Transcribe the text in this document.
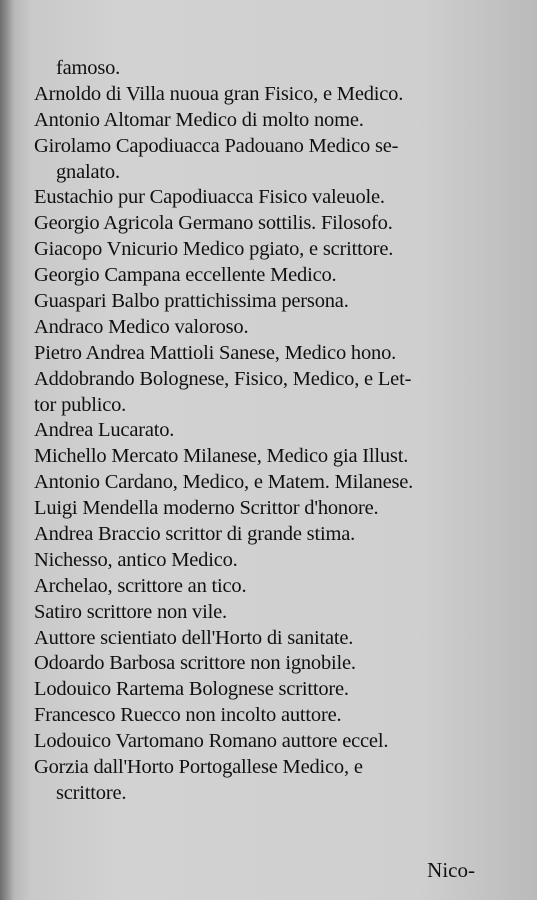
famoso.
Arnoldo di Villa nuoua gran Fisico, e Medico.
Antonio Altomar Medico di molto nome.
Girolamo Capodiuacca Padouano Medico se-
gnalato.
Eustachio pur Capodiuacca Fisico valeuole.
Georgio Agricola Germano sottilis. Filosofo.
Giacopo Vnicurio Medico pgiato, e scrittore.
Georgio Campana eccellente Medico.
Guaspari Balbo prattichissima persona.
Andraco Medico valoroso.
Pietro Andrea Mattioli Sanese, Medico hono.
Addobrando Bolognese, Fisico, Medico, e Let-
tor publico.
Andrea Lucarato.
Michello Mercato Milanese, Medico gia Illust.
Antonio Cardano, Medico, e Matem. Milanese.
Luigi Mendella moderno Scrittor d'honore.
Andrea Braccio scrittor di grande stima.
Nichesso, antico Medico.
Archelao, scrittore an tico.
Satiro scrittore non vile.
Auttore scientiato dell'Horto di sanitate.
Odoardo Barbosa scrittore non ignobile.
Lodouico Rartema Bolognese scrittore.
Francesco Ruecco non incolto auttore.
Lodouico Vartomano Romano auttore eccel.
Gorzia dall'Horto Portogallese Medico, e
scrittore.
Nico-
